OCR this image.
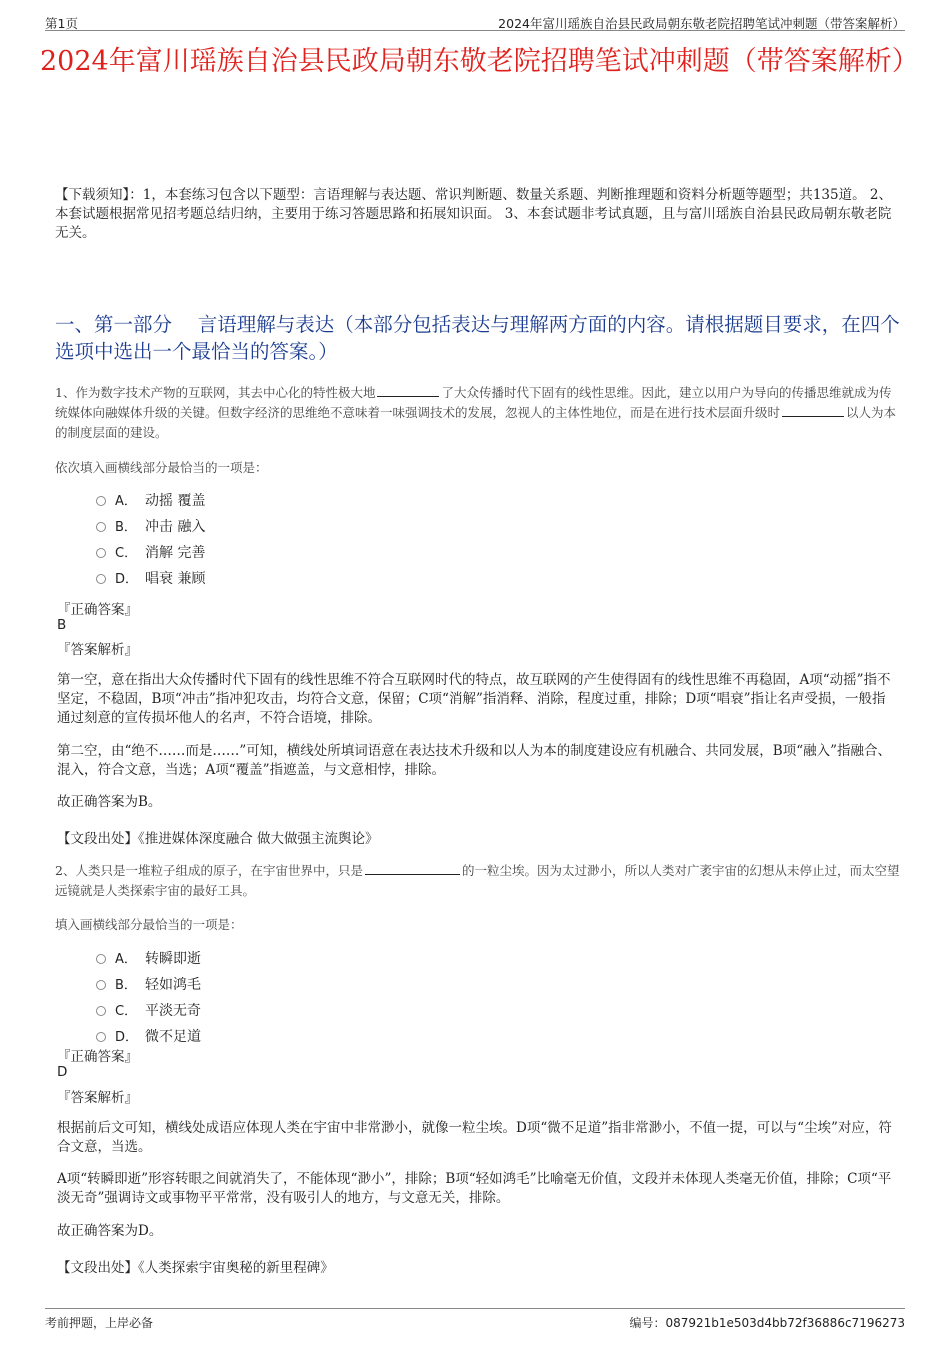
第1页	2024年富川瑶族自治县民政局朝东敬老院招聘笔试冲刺题（带答案解析）
2024年富川瑶族自治县民政局朝东敬老院招聘笔试冲刺题（带答案解析）
【下载须知】：1，本套练习包含以下题型：言语理解与表达题、常识判断题、数量关系题、判断推理题和资料分析题等题型；共135道。 2、本套试题根据常见招考题总结归纳，主要用于练习答题思路和拓展知识面。 3、本套试题非考试真题，且与富川瑶族自治县民政局朝东敬老院无关。
一、第一部分　 言语理解与表达（本部分包括表达与理解两方面的内容。请根据题目要求，在四个选项中选出一个最恰当的答案。）
1、作为数字技术产物的互联网，其去中心化的特性极大地	了大众传播时代下固有的线性思维。因此，建立以用户为导向的传播思维就成为传统媒体向融媒体升级的关键。但数字经济的思维绝不意味着一味强调技术的发展，忽视人的主体性地位，而是在进行技术层面升级时	以人为本的制度层面的建设。
依次填入画横线部分最恰当的一项是：
A． 动摇 覆盖
B． 冲击 融入
C． 消解 完善
D． 唱衰 兼顾
『正确答案』
B
『答案解析』
第一空，意在指出大众传播时代下固有的线性思维不符合互联网时代的特点，故互联网的产生使得固有的线性思维不再稳固，A项“动摇”指不坚定，不稳固，B项“冲击”指冲犯攻击，均符合文意，保留；C项“消解”指消释、消除，程度过重，排除；D项“唱衰”指让名声受损，一般指通过刻意的宣传损坏他人的名声，不符合语境，排除。
第二空，由“绝不……而是……”可知，横线处所填词语意在表达技术升级和以人为本的制度建设应有机融合、共同发展，B项“融入”指融合、混入，符合文意，当选；A项“覆盖”指遮盖，与文意相悖，排除。
故正确答案为B。
【文段出处】《推进媒体深度融合 做大做强主流舆论》
2、人类只是一堆粒子组成的原子，在宇宙世界中，只是	的一粒尘埃。因为太过渺小，所以人类对广袤宇宙的幻想从未停止过，而太空望远镜就是人类探索宇宙的最好工具。
填入画横线部分最恰当的一项是：
A． 转瞬即逝
B． 轻如鸿毛
C． 平淡无奇
D． 微不足道
『正确答案』
D
『答案解析』
根据前后文可知，横线处成语应体现人类在宇宙中非常渺小，就像一粒尘埃。D项“微不足道”指非常渺小，不值一提，可以与“尘埃”对应，符合文意，当选。
A项“转瞬即逝”形容转眼之间就消失了，不能体现“渺小”，排除；B项“轻如鸿毛”比喻毫无价值，文段并未体现人类毫无价值，排除；C项“平淡无奇”强调诗文或事物平平常常，没有吸引人的地方，与文意无关，排除。
故正确答案为D。
【文段出处】《人类探索宇宙奥秘的新里程碑》
考前押题，上岸必备	编号：087921b1e503d4bb72f36886c7196273
